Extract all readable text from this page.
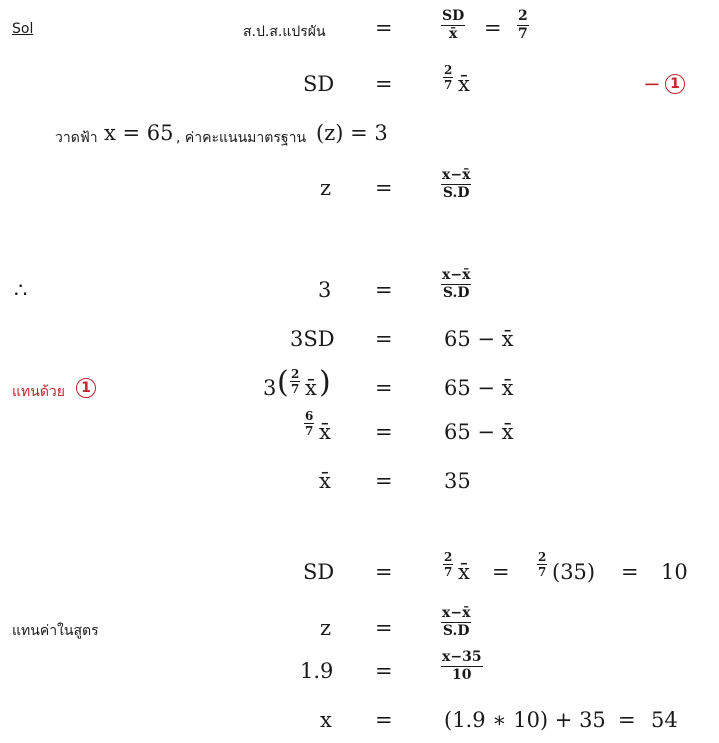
Sol	ส.ป.ส.แปรผัน =	$\frac{SD}{x̄} = \frac{2}{7}$
SD =	$\frac{2}{7}$ x̄	− 1
วาดฟ้า x = 65 , ค่าคะแนนมาตรฐาน (z) = 3
z =	$\frac{x-x̄}{S.D}$
∴	3 =	$\frac{x-x̄}{S.D}$
3SD = 65 − x̄
แทนด้วย	1	3 ( $\frac{2}{7}$ x̄ ) = 65 − x̄
$\frac{6}{7}$ x̄ = 65 − x̄
x̄ = 35
SD =	$\frac{2}{7}$ x̄ = $\frac{2}{7} (35) = 10$
แทนค่าในสูตร	z =	$\frac{x-x̄}{S.D}$
1.9 =	$\frac{x-35}{10}$
x = (1.9 ∗ 10) + 35 = 54
